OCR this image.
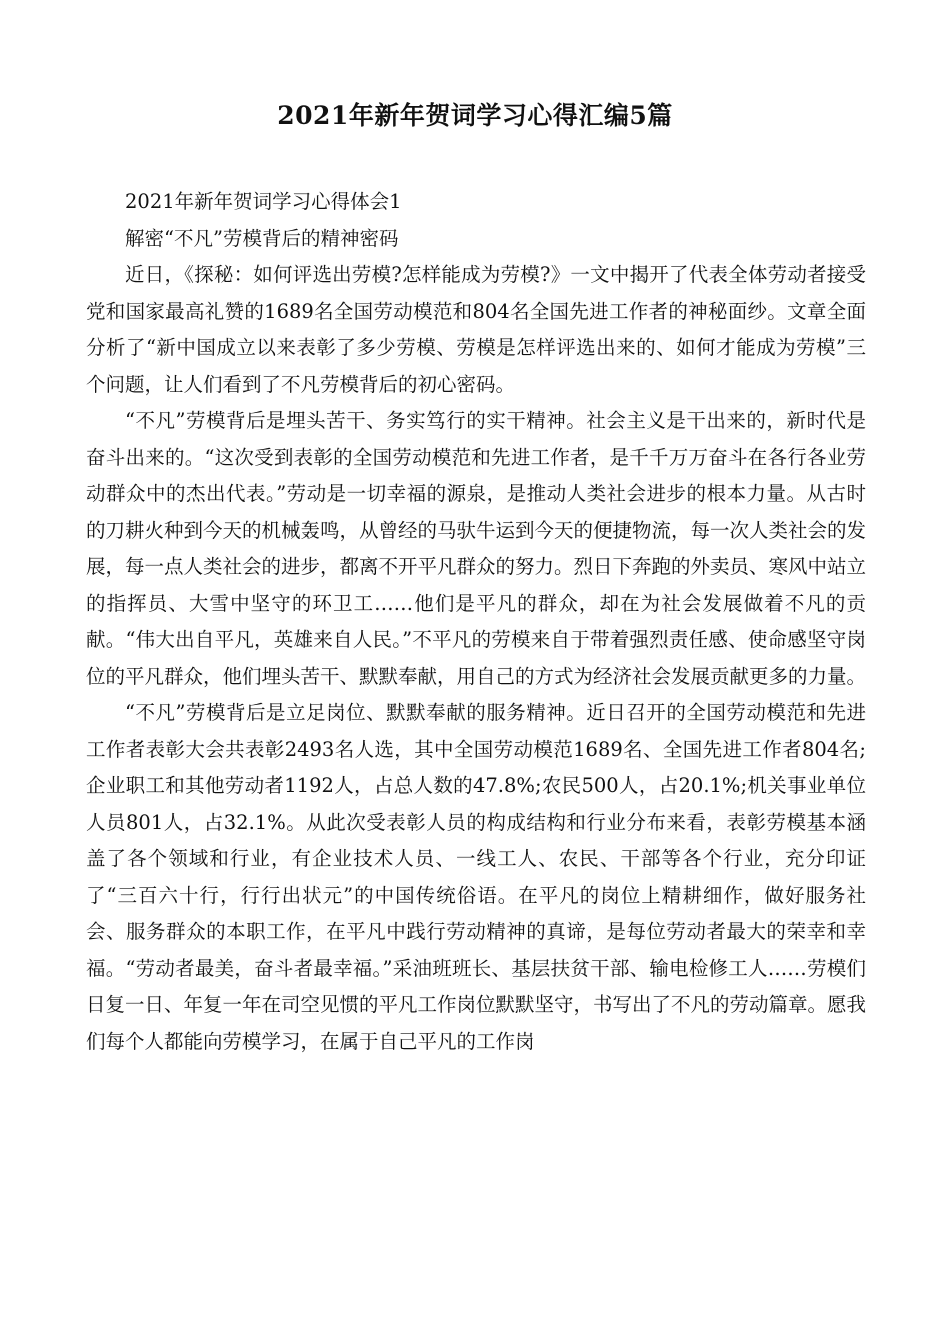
2021年新年贺词学习心得汇编5篇

2021年新年贺词学习心得体会1

解密“不凡”劳模背后的精神密码

近日，《探秘：如何评选出劳模?怎样能成为劳模?》一文中揭开了代表全体劳动者接受党和国家最高礼赞的1689名全国劳动模范和804名全国先进工作者的神秘面纱。文章全面分析了“新中国成立以来表彰了多少劳模、劳模是怎样评选出来的、如何才能成为劳模”三个问题，让人们看到了不凡劳模背后的初心密码。

“不凡”劳模背后是埋头苦干、务实笃行的实干精神。社会主义是干出来的，新时代是奋斗出来的。“这次受到表彰的全国劳动模范和先进工作者，是千千万万奋斗在各行各业劳动群众中的杰出代表。”劳动是一切幸福的源泉，是推动人类社会进步的根本力量。从古时的刀耕火种到今天的机械轰鸣，从曾经的马驮牛运到今天的便捷物流，每一次人类社会的发展，每一点人类社会的进步，都离不开平凡群众的努力。烈日下奔跑的外卖员、寒风中站立的指挥员、大雪中坚守的环卫工……他们是平凡的群众，却在为社会发展做着不凡的贡献。“伟大出自平凡，英雄来自人民。”不平凡的劳模来自于带着强烈责任感、使命感坚守岗位的平凡群众，他们埋头苦干、默默奉献，用自己的方式为经济社会发展贡献更多的力量。

“不凡”劳模背后是立足岗位、默默奉献的服务精神。近日召开的全国劳动模范和先进工作者表彰大会共表彰2493名人选，其中全国劳动模范1689名、全国先进工作者804名;企业职工和其他劳动者1192人，占总人数的47.8%;农民500人，占20.1%;机关事业单位人员801人，占32.1%。从此次受表彰人员的构成结构和行业分布来看，表彰劳模基本涵盖了各个领域和行业，有企业技术人员、一线工人、农民、干部等各个行业，充分印证了“三百六十行，行行出状元”的中国传统俗语。在平凡的岗位上精耕细作，做好服务社会、服务群众的本职工作，在平凡中践行劳动精神的真谛，是每位劳动者最大的荣幸和幸福。“劳动者最美，奋斗者最幸福。”采油班班长、基层扶贫干部、输电检修工人……劳模们日复一日、年复一年在司空见惯的平凡工作岗位默默坚守，书写出了不凡的劳动篇章。愿我们每个人都能向劳模学习，在属于自己平凡的工作岗
